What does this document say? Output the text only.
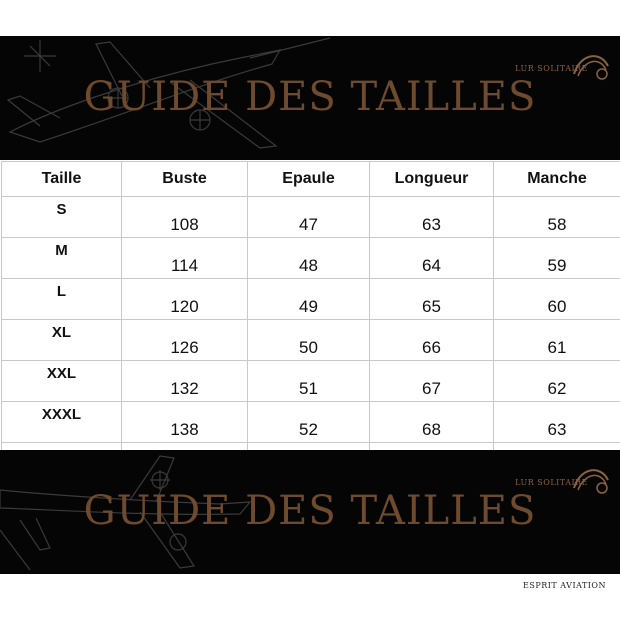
GUIDE DES TAILLES
LUR SOLITAIRE
Taille	Buste	Epaule	Longueur	Manche
S	108	47	63	58
M	114	48	64	59
L	120	49	65	60
XL	126	50	66	61
XXL	132	51	67	62
XXXL	138	52	68	63

GUIDE DES TAILLES
LUR SOLITAIRE
ESPRIT AVIATION
